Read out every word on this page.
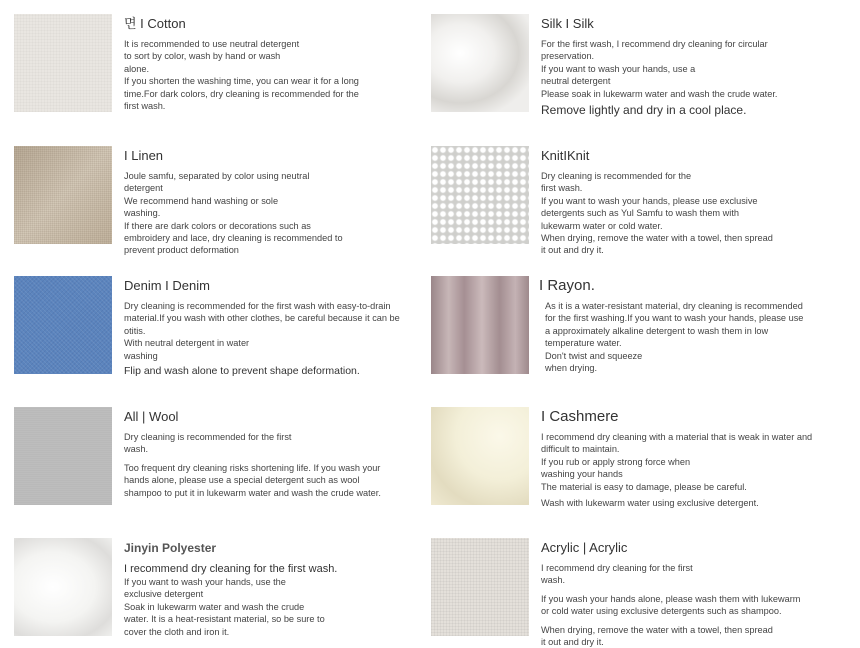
면 I Cotton

It is recommended to use neutral detergent

to sort by color, wash by hand or wash

alone.

If you shorten the washing time, you can wear it for a long

time.For dark colors, dry cleaning is recommended for the

first wash.

Silk I Silk

For the first wash, I recommend dry cleaning for circular

preservation.

If you want to wash your hands, use a

neutral detergent

Please soak in lukewarm water and wash the crude water.

Remove lightly and dry in a cool place.

I Linen

Joule samfu, separated by color using neutral

detergent

We recommend hand washing or sole

washing.

If there are dark colors or decorations such as

embroidery and lace, dry cleaning is recommended to

prevent product deformation

KnitIKnit

Dry cleaning is recommended for the

first wash.

If you want to wash your hands, please use exclusive

detergents such as Yul Samfu to wash them with

lukewarm water or cold water.

When drying, remove the water with a towel, then spread

it out and dry it.

Denim I Denim

Dry cleaning is recommended for the first wash with easy-to-drain

material.If you wash with other clothes, be careful because it can be

otitis.

With neutral detergent in water

washing

Flip and wash alone to prevent shape deformation.

I Rayon.

As it is a water-resistant material, dry cleaning is recommended

for the first washing.If you want to wash your hands, please use

a approximately alkaline detergent to wash them in low

temperature water.

Don't twist and squeeze

when drying.

All | Wool

Dry cleaning is recommended for the first

wash.

Too frequent dry cleaning risks shortening life. If you wash your

hands alone, please use a special detergent such as wool

shampoo to put it in lukewarm water and wash the crude water.

I Cashmere

I recommend dry cleaning with a material that is weak in water and

difficult to maintain.

If you rub or apply strong force when

washing your hands

The material is easy to damage, please be careful.

Wash with lukewarm water using exclusive detergent.

Jinyin Polyester

I recommend dry cleaning for the first wash.

If you want to wash your hands, use the

exclusive detergent

Soak in lukewarm water and wash the crude

water. It is a heat-resistant material, so be sure to

cover the cloth and iron it.

Acrylic | Acrylic

I recommend dry cleaning for the first

wash.

If you wash your hands alone, please wash them with lukewarm

or cold water using exclusive detergents such as shampoo.

When drying, remove the water with a towel, then spread

it out and dry it.
